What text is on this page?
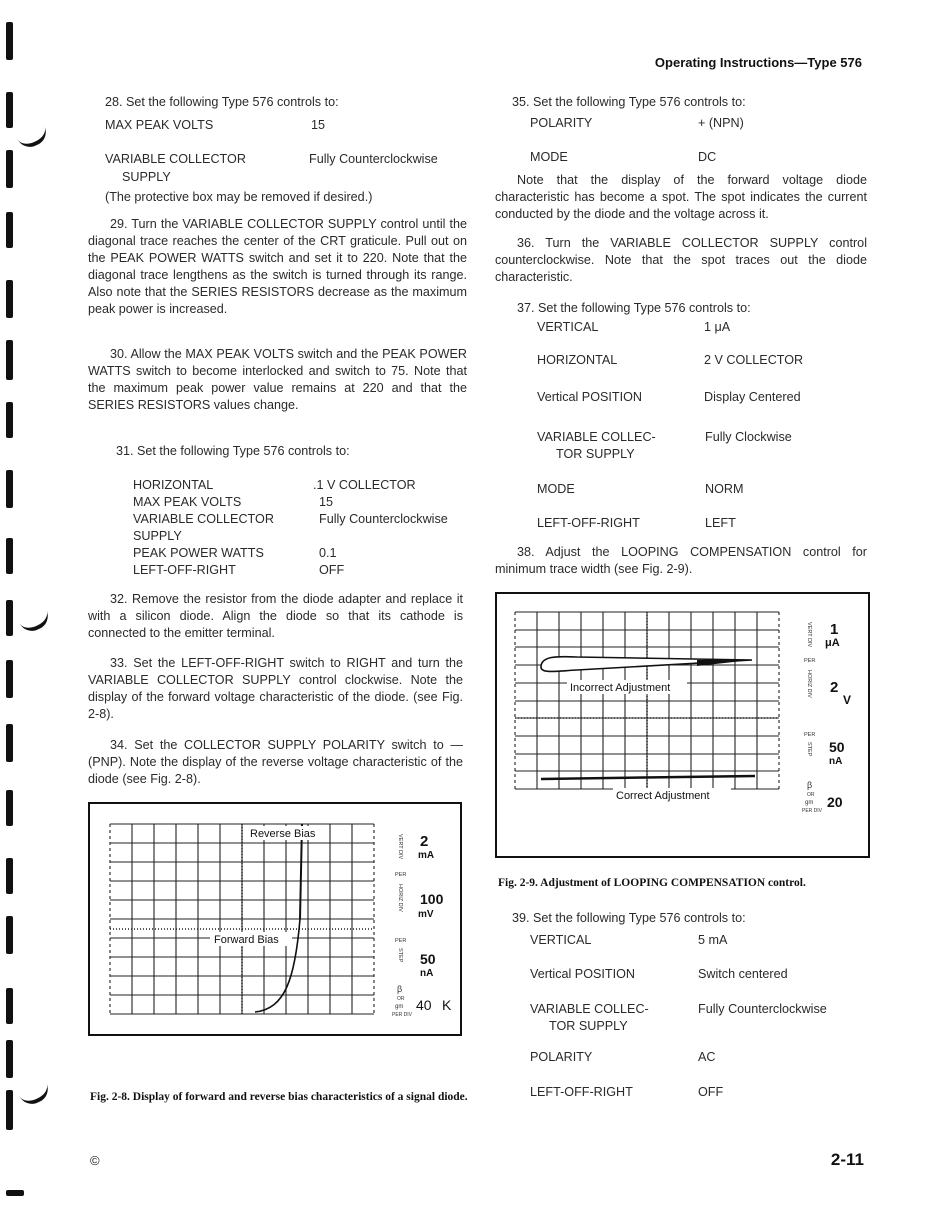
Operating Instructions—Type 576
28. Set the following Type 576 controls to:
MAX PEAK VOLTS	15
VARIABLE COLLECTOR	Fully Counterclockwise
SUPPLY
(The protective box may be removed if desired.)
29. Turn the VARIABLE COLLECTOR SUPPLY control until the diagonal trace reaches the center of the CRT graticule. Pull out on the PEAK POWER WATTS switch and set it to 220. Note that the diagonal trace lengthens as the switch is turned through its range. Also note that the SERIES RESISTORS decrease as the maximum peak power is increased.
30. Allow the MAX PEAK VOLTS switch and the PEAK POWER WATTS switch to become interlocked and switch to 75. Note that the maximum peak power value remains at 220 and that the SERIES RESISTORS values change.
31. Set the following Type 576 controls to:
HORIZONTAL	.1 V COLLECTOR
MAX PEAK VOLTS	15
VARIABLE COLLECTOR	Fully Counterclockwise
SUPPLY
PEAK POWER WATTS	0.1
LEFT-OFF-RIGHT	OFF
32. Remove the resistor from the diode adapter and replace it with a silicon diode. Align the diode so that its cathode is connected to the emitter terminal.
33. Set the LEFT-OFF-RIGHT switch to RIGHT and turn the VARIABLE COLLECTOR SUPPLY control clockwise. Note the display of the forward voltage characteristic of the diode. (see Fig. 2-8).
34. Set the COLLECTOR SUPPLY POLARITY switch to —(PNP). Note the display of the reverse voltage characteristic of the diode (see Fig. 2-8).
Reverse Bias
Forward Bias
VERT DIV 2
mA
PER
HORIZ DIV 100
mV
PER
STEP 50
nA
β
OR
gm
PER DIV
40 K
Fig. 2-8. Display of forward and reverse bias characteristics of a signal diode.
35. Set the following Type 576 controls to:
POLARITY	+ (NPN)
MODE	DC
Note that the display of the forward voltage diode characteristic has become a spot. The spot indicates the current conducted by the diode and the voltage across it.
36. Turn the VARIABLE COLLECTOR SUPPLY control counterclockwise. Note that the spot traces out the diode characteristic.
37. Set the following Type 576 controls to:
VERTICAL	1 μA
HORIZONTAL	2 V COLLECTOR
Vertical POSITION	Display Centered
VARIABLE COLLEC-	Fully Clockwise
TOR SUPPLY
MODE	NORM
LEFT-OFF-RIGHT	LEFT
38. Adjust the LOOPING COMPENSATION control for minimum trace width (see Fig. 2-9).
Incorrect Adjustment
Correct Adjustment
VERT DIV 1
μA
PER
HORIZ DIV 2
V
PER
STEP 50
nA
β
OR
gm
PER DIV
20
Fig. 2-9. Adjustment of LOOPING COMPENSATION control.
39. Set the following Type 576 controls to:
VERTICAL	5 mA
Vertical POSITION	Switch centered
VARIABLE COLLEC-	Fully Counterclockwise
TOR SUPPLY
POLARITY	AC
LEFT-OFF-RIGHT	OFF
©	2-11
